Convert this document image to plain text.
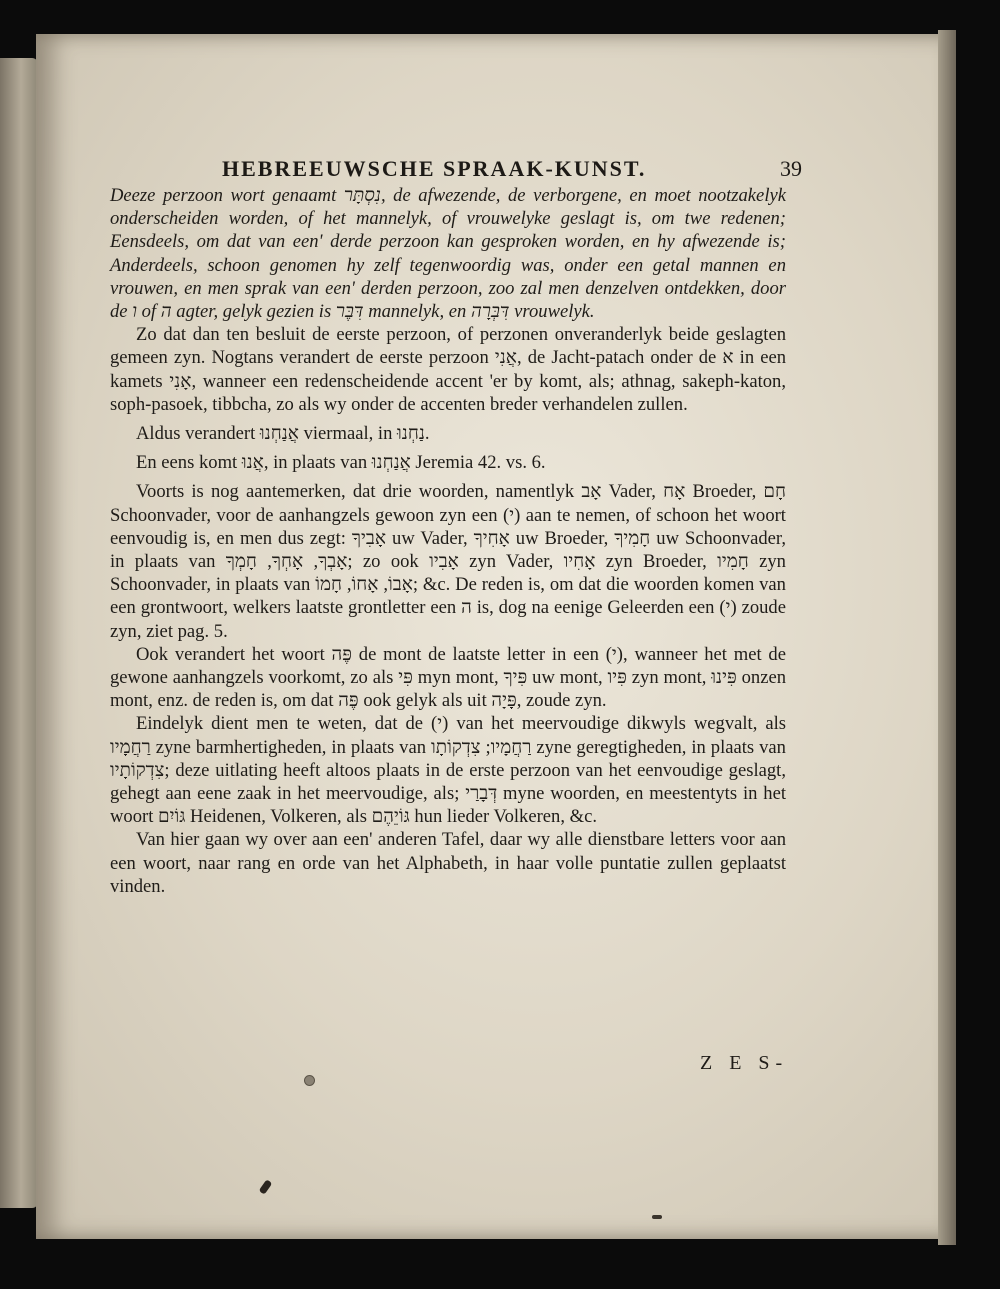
HEBREEUWSCHE SPRAAK-KUNST.	39

Deeze perzoon wort genaamt נִסְתָּר, de afwezende, de verborgene, en moet nootzakelyk onderscheiden worden, of het mannelyk, of vrouwelyke geslagt is, om twe redenen; Eensdeels, om dat van een' derde perzoon kan gesproken worden, en hy afwezende is; Anderdeels, schoon genomen hy zelf tegenwoordig was, onder een getal mannen en vrouwen, en men sprak van een' derden perzoon, zoo zal men denzelven ontdekken, door de ו of ה agter, gelyk gezien is דִּבֶּר mannelyk, en דִּבְּרָה vrouwelyk.

Zo dat dan ten besluit de eerste perzoon, of perzonen onveranderlyk beide geslagten gemeen zyn. Nogtans verandert de eerste perzoon אֲנִי, de Jacht-patach onder de א in een kamets אָנִי, wanneer een redenscheidende accent 'er by komt, als; athnag, sakeph-katon, soph-pasoek, tibbcha, zo als wy onder de accenten breder verhandelen zullen.

Aldus verandert אֲנַחְנוּ viermaal, in נַחְנוּ.

En eens komt אֲנוּ, in plaats van אֲנַחְנוּ Jeremia 42. vs. 6.

Voorts is nog aantemerken, dat drie woorden, namentlyk אָב Vader, אָח Broeder, חָם Schoonvader, voor de aanhangzels gewoon zyn een (י) aan te nemen, of schoon het woort eenvoudig is, en men dus zegt: אָבִיךָ uw Vader, אָחִיךָ uw Broeder, חָמִיךָ uw Schoonvader, in plaats van אָבְךָ, אָחְךָ, חָמְךָ; zo ook אָבִיו zyn Vader, אָחִיו zyn Broeder, חָמִיו zyn Schoonvader, in plaats van אָבוֹ, אָחוֹ, חָמוֹ; &c. De reden is, om dat die woorden komen van een grontwoort, welkers laatste grontletter een ה is, dog na eenige Geleerden een (י) zoude zyn, ziet pag. 5.

Ook verandert het woort פֶּה de mont de laatste letter in een (י), wanneer het met de gewone aanhangzels voorkomt, zo als פִּי myn mont, פִּיךָ uw mont, פִּיו zyn mont, פִּינוּ onzen mont, enz. de reden is, om dat פֶּה ook gelyk als uit פָּיָה, zoude zyn.

Eindelyk dient men te weten, dat de (י) van het meervoudige dikwyls wegvalt, als רַחֲמָיו zyne barmhertigheden, in plaats van רַחֲמָיו; צִדְקוֹתָו zyne geregtigheden, in plaats van צִדְקוֹתָיו; deze uitlating heeft altoos plaats in de erste perzoon van het eenvoudige geslagt, gehegt aan eene zaak in het meervoudige, als; דְּבָרַי myne woorden, en meestentyts in het woort גּוֹיִם Heidenen, Volkeren, als גּוֹיֵהֶם hun lieder Volkeren, &c.

Van hier gaan wy over aan een' anderen Tafel, daar wy alle dienstbare letters voor aan een woort, naar rang en orde van het Alphabeth, in haar volle puntatie zullen geplaatst vinden.

Z E S-
